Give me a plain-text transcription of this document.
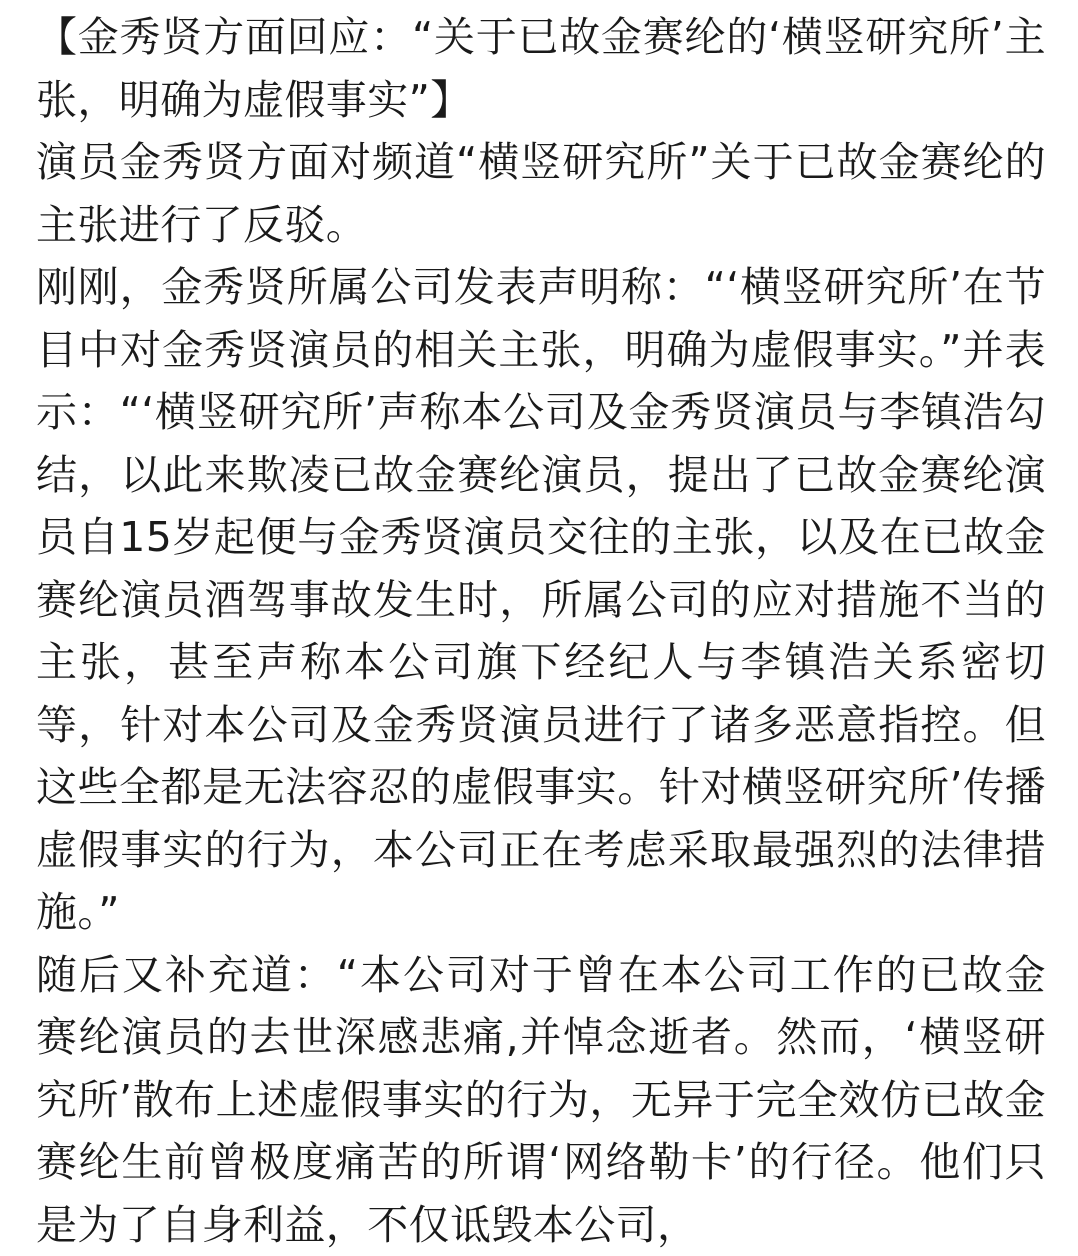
【金秀贤方面回应：“关于已故金赛纶的‘横竖研究所’主张，明确为虚假事实”】

演员金秀贤方面对频道“横竖研究所”关于已故金赛纶的主张进行了反驳。

刚刚，金秀贤所属公司发表声明称：“‘横竖研究所’在节目中对金秀贤演员的相关主张，明确为虚假事实。”并表示：“‘横竖研究所’声称本公司及金秀贤演员与李镇浩勾结，以此来欺凌已故金赛纶演员，提出了已故金赛纶演员自15岁起便与金秀贤演员交往的主张，以及在已故金赛纶演员酒驾事故发生时，所属公司的应对措施不当的主张，甚至声称本公司旗下经纪人与李镇浩关系密切等，针对本公司及金秀贤演员进行了诸多恶意指控。但这些全都是无法容忍的虚假事实。针对横竖研究所’传播虚假事实的行为，本公司正在考虑采取最强烈的法律措施。”

随后又补充道：“本公司对于曾在本公司工作的已故金赛纶演员的去世深感悲痛,并悼念逝者。然而，‘横竖研究所’散布上述虚假事实的行为，无异于完全效仿已故金赛纶生前曾极度痛苦的所谓‘网络勒卡’的行径。他们只是为了自身利益，不仅诋毁本公司，
